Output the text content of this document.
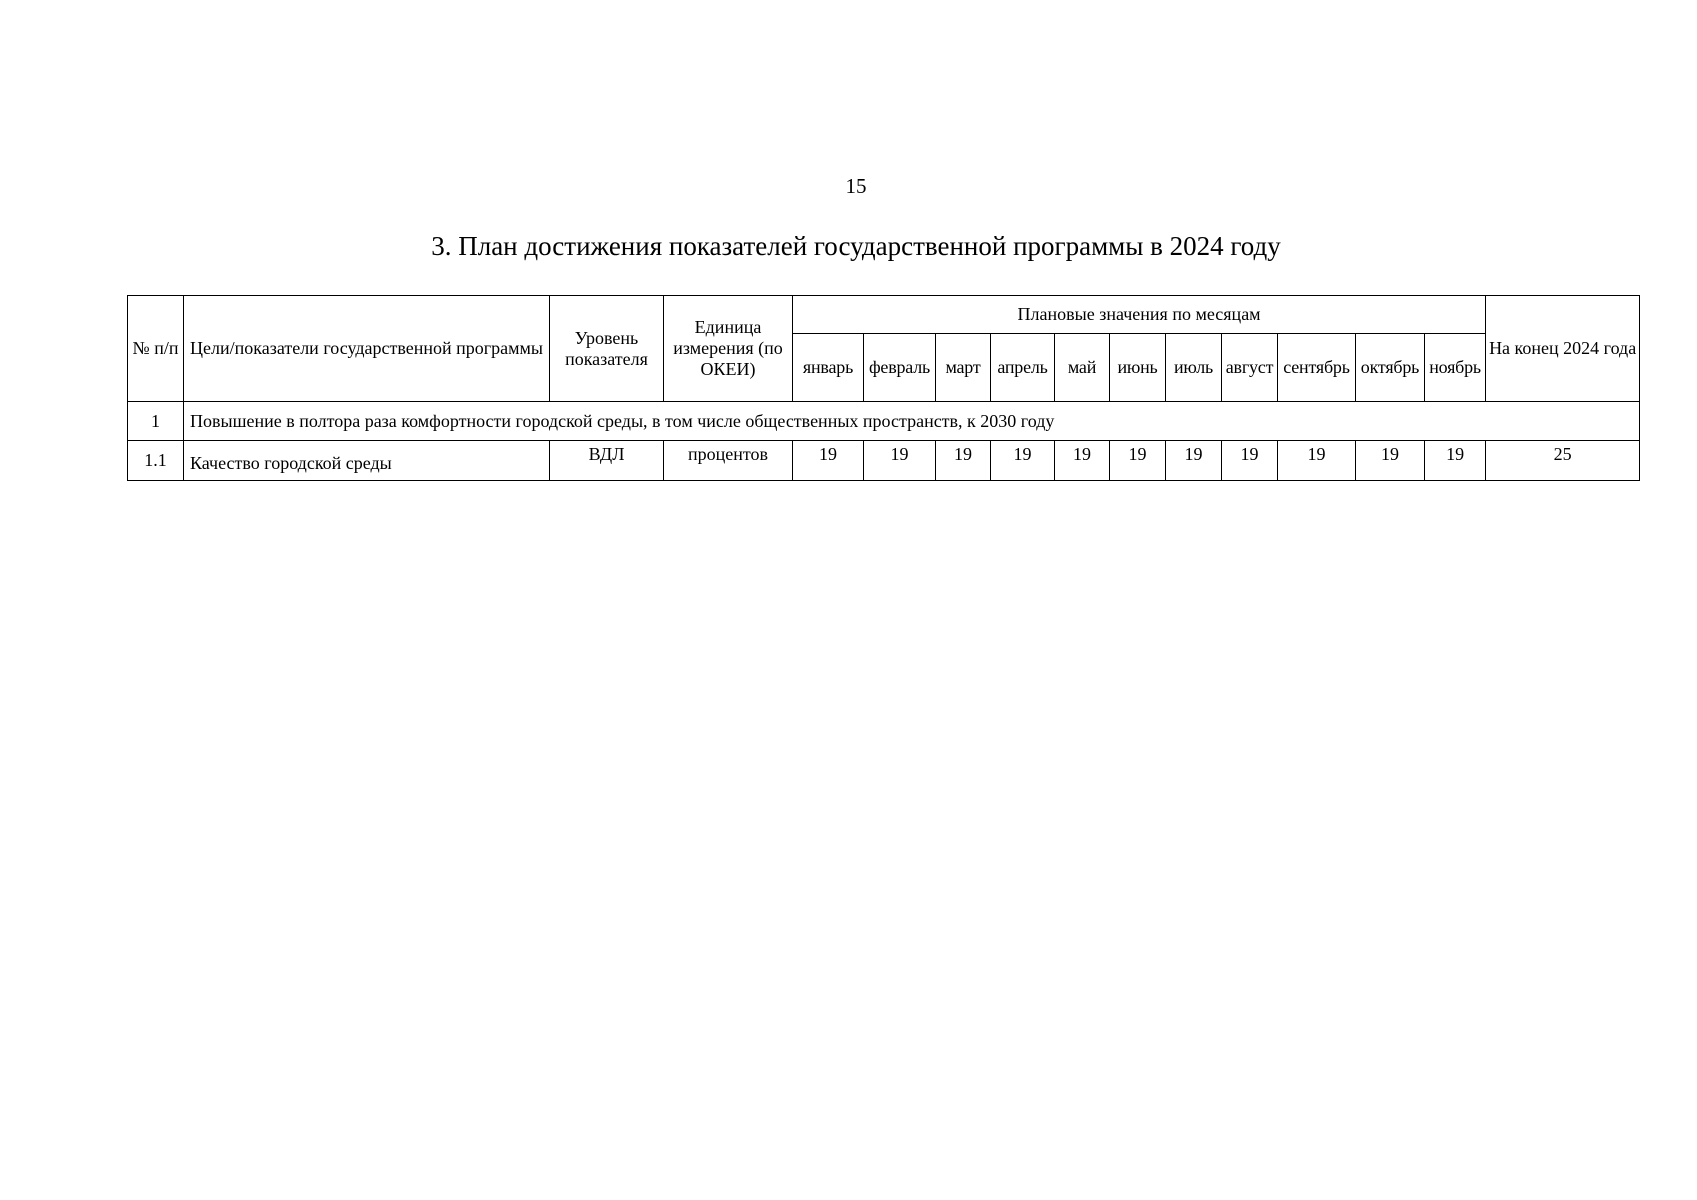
15
3. План достижения показателей государственной программы в 2024 году
№ п/п	Цели/показатели государственной программы	Уровень показателя	Единица измерения (по ОКЕИ)	Плановые значения по месяцам											На конец 2024 года
				январь	февраль	март	апрель	май	июнь	июль	август	сентябрь	октябрь	ноябрь	
1	Повышение в полтора раза комфортности городской среды, в том числе общественных пространств, к 2030 году														
1.1	Качество городской среды	ВДЛ	процентов	19	19	19	19	19	19	19	19	19	19	19	25
